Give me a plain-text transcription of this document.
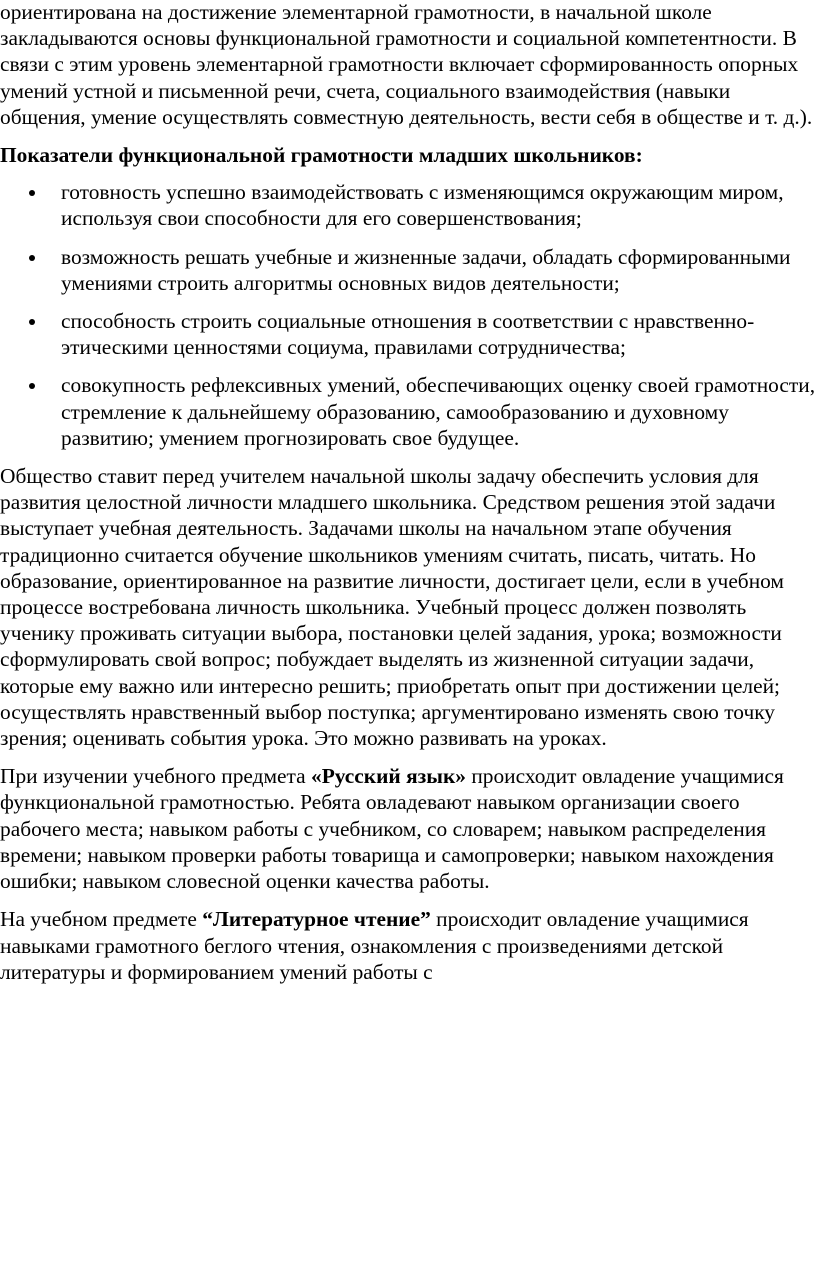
ориентирована на достижение элементарной грамотности, в начальной школе закладываются основы функциональной грамотности и социальной компетентности. В связи с этим уровень элементарной грамотности включает сформированность опорных умений устной и письменной речи, счета, социального взаимодействия (навыки общения, умение осуществлять совместную деятельность, вести себя в обществе и т. д.).

Показатели функциональной грамотности младших школьников:

готовность успешно взаимодействовать с изменяющимся окружающим миром, используя свои способности для его совершенствования;
возможность решать учебные и жизненные задачи, обладать сформированными умениями строить алгоритмы основных видов деятельности;
способность строить социальные отношения в соответствии с нравственно-этическими ценностями социума, правилами сотрудничества;
совокупность рефлексивных умений, обеспечивающих оценку своей грамотности, стремление к дальнейшему образованию, самообразованию и духовному развитию; умением прогнозировать свое будущее.

Общество ставит перед учителем начальной школы задачу обеспечить условия для развития целостной личности младшего школьника. Средством решения этой задачи выступает учебная деятельность. Задачами школы на начальном этапе обучения традиционно считается обучение школьников умениям считать, писать, читать. Но образование, ориентированное на развитие личности, достигает цели, если в учебном процессе востребована личность школьника. Учебный процесс должен позволять ученику проживать ситуации выбора, постановки целей задания, урока; возможности сформулировать свой вопрос; побуждает выделять из жизненной ситуации задачи, которые ему важно или интересно решить; приобретать опыт при достижении целей; осуществлять нравственный выбор поступка; аргументировано изменять свою точку зрения; оценивать события урока. Это можно развивать на уроках.

При изучении учебного предмета «Русский язык» происходит овладение учащимися функциональной грамотностью. Ребята овладевают навыком организации своего рабочего места; навыком работы с учебником, со словарем; навыком распределения времени; навыком проверки работы товарища и самопроверки; навыком нахождения ошибки; навыком словесной оценки качества работы.

На учебном предмете “Литературное чтение” происходит овладение учащимися навыками грамотного беглого чтения, ознакомления с произведениями детской литературы и формированием умений работы с
